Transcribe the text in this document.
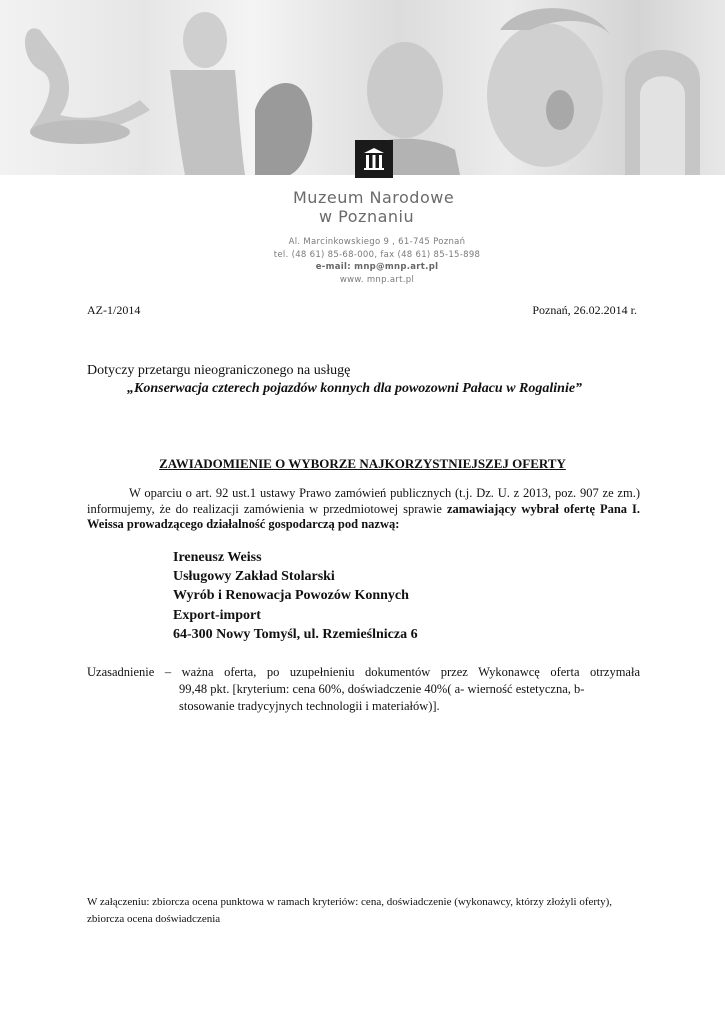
Muzeum Narodowe
w Poznaniu
Al. Marcinkowskiego 9 , 61-745 Poznań
tel. (48 61) 85-68-000, fax (48 61) 85-15-898
e-mail: mnp@mnp.art.pl
www. mnp.art.pl
AZ-1/2014	Poznań, 26.02.2014 r.
Dotyczy przetargu nieograniczonego na usługę
„Konserwacja czterech pojazdów konnych dla powozowni Pałacu w Rogalinie”
ZAWIADOMIENIE O WYBORZE NAJKORZYSTNIEJSZEJ OFERTY
W oparciu o art. 92 ust.1 ustawy Prawo zamówień publicznych (t.j. Dz. U. z 2013, poz. 907 ze zm.) informujemy, że do realizacji zamówienia w przedmiotowej sprawie zamawiający wybrał ofertę Pana I. Weissa prowadzącego działalność gospodarczą pod nazwą:
Ireneusz Weiss
Usługowy Zakład Stolarski
Wyrób i Renowacja Powozów Konnych
Export-import
64-300 Nowy Tomyśl, ul. Rzemieślnicza 6
Uzasadnienie – ważna oferta, po uzupełnieniu dokumentów przez Wykonawcę oferta otrzymała
99,48 pkt. [kryterium: cena 60%, doświadczenie 40%( a- wierność estetyczna, b- stosowanie tradycyjnych technologii i materiałów)].
W załączeniu: zbiorcza ocena punktowa w ramach kryteriów: cena, doświadczenie (wykonawcy, którzy złożyli oferty), zbiorcza ocena doświadczenia
